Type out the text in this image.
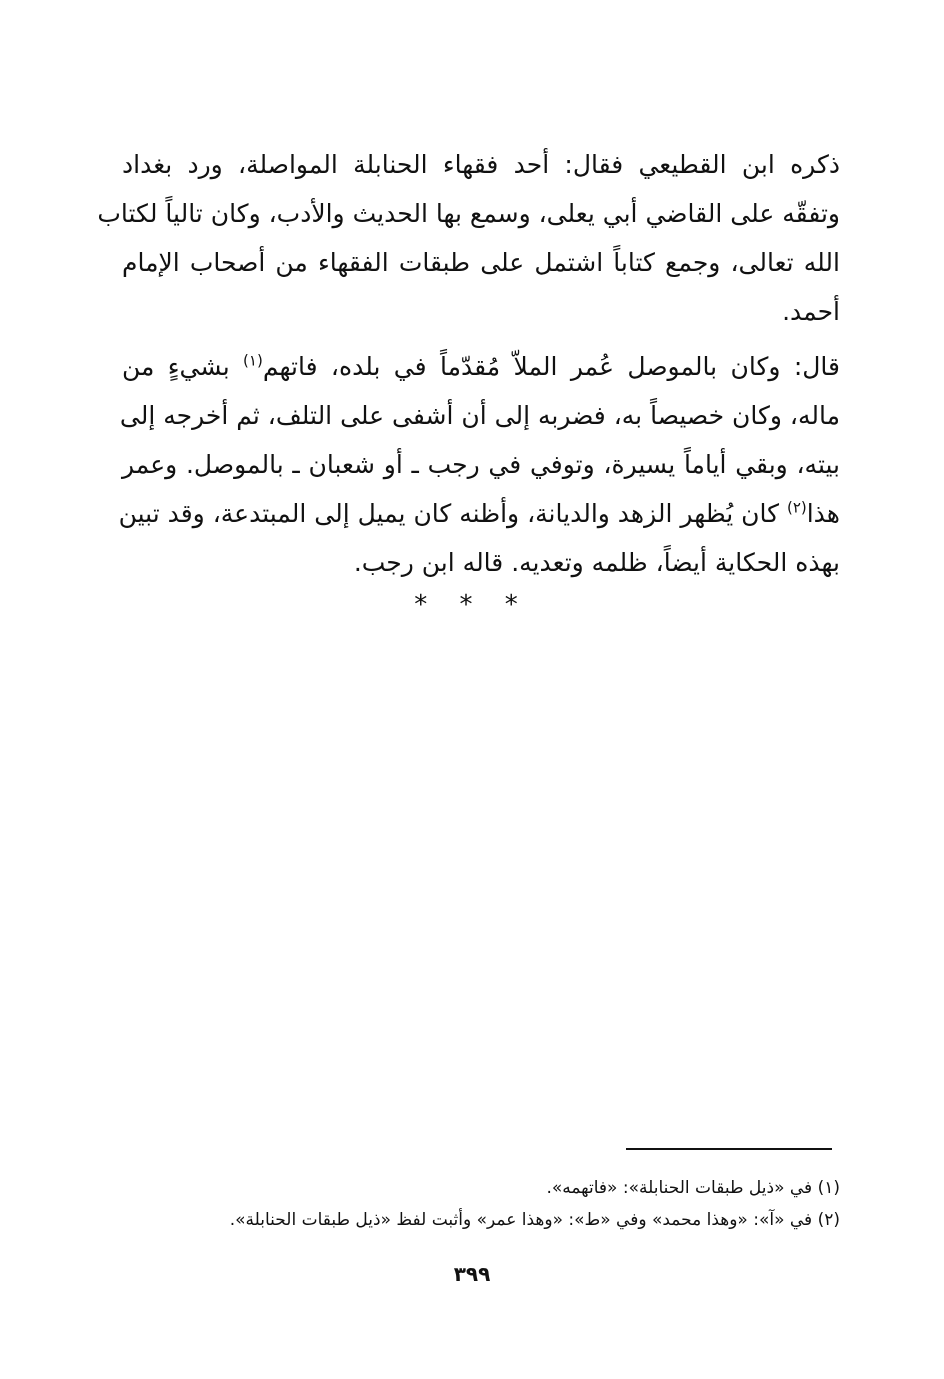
ذكره ابن القطيعي فقال: أحد فقهاء الحنابلة المواصلة، ورد بغداد
وتفقّه على القاضي أبي يعلى، وسمع بها الحديث والأدب، وكان تالياً لكتاب
الله تعالى، وجمع كتاباً اشتمل على طبقات الفقهاء من أصحاب الإمام
أحمد.

قال: وكان بالموصل عُمر الملاّ مُقدّماً في بلده، فاتهم$^{(١)}$ بشيءٍ من
ماله، وكان خصيصاً به، فضربه إلى أن أشفى على التلف، ثم أخرجه إلى
بيته، وبقي أياماً يسيرة، وتوفي في رجب ـ أو شعبان ـ بالموصل. وعمر
هذا$^{(٢)}$ كان يُظهر الزهد والديانة، وأظنه كان يميل إلى المبتدعة، وقد تبين
بهذه الحكاية أيضاً، ظلمه وتعديه. قاله ابن رجب.

* * *
(١) في «ذيل طبقات الحنابلة»: «فاتهمه».
(٢) في «آ»: «وهذا محمد» وفي «ط»: «وهذا عمر» وأثبت لفظ «ذيل طبقات الحنابلة».
٣٩٩
